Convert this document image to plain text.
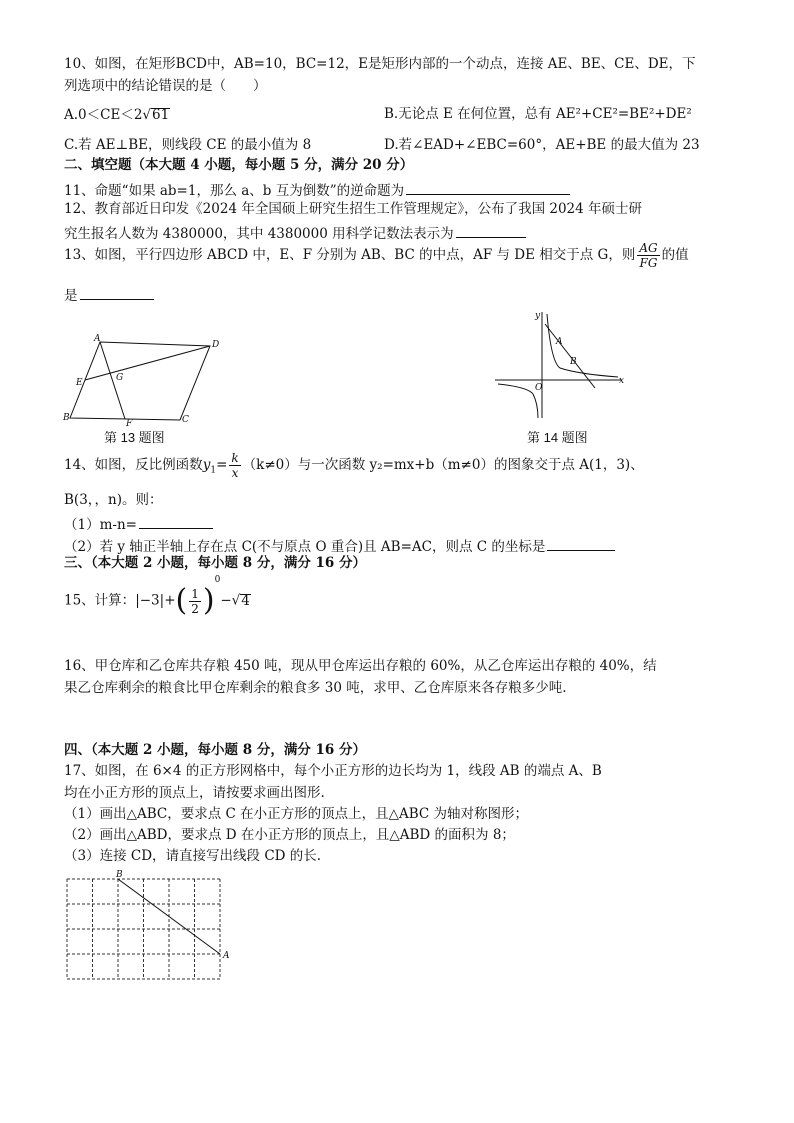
10、如图，在矩形BCD中，AB=10，BC=12，E是矩形内部的一个动点，连接 AE、BE、CE、DE，下
列选项中的结论错误的是（　　）
A.0＜CE＜2√61	B.无论点 E 在何位置，总有 AE²+CE²=BE²+DE²
C.若 AE⊥BE，则线段 CE 的最小值为 8	D.若∠EAD+∠EBC=60°，AE+BE 的最大值为 23
二、填空题（本大题 4 小题，每小题 5 分，满分 20 分）
11、命题“如果 ab=1，那么 a、b 互为倒数”的逆命题为
12、教育部近日印发《2024 年全国硕上研究生招生工作管理规定》，公布了我国 2024 年硕士研
究生报名人数为 4380000，其中 4380000 用科学记数法表示为
13、如图，平行四边形 ABCD 中，E、F 分别为 AB、BC 的中点，AF 与 DE 相交于点 G，则 $\frac{AG}{FG}$ 的值
是
A
B	C
D
E
F
G
第 13 题图
y
x
O
A
B
第 14 题图
14、如图，反比例函数$y_1= \frac{k}{x} (k\ne 0)$与一次函数 y₂=mx+b（m≠0）的图象交于点 A(1，3)、
B(3，，n)。则：
（1）m-n=
（2）若 y 轴正半轴上存在点 C(不与原点 O 重合)且 AB=AC，则点 C 的坐标是
三、（本大题 2 小题，每小题 8 分，满分 16 分）
15、计算：$|-3|+( \frac{1}{2} )^0-√4$
16、甲仓库和乙仓库共存粮 450 吨，现从甲仓库运出存粮的 60%，从乙仓库运出存粮的 40%，结
果乙仓库剩余的粮食比甲仓库剩余的粮食多 30 吨，求甲、乙仓库原来各存粮多少吨.
四、（本大题 2 小题，每小题 8 分，满分 16 分）
17、如图，在 6×4 的正方形网格中，每个小正方形的边长均为 1，线段 AB 的端点 A、B
均在小正方形的顶点上，请按要求画出图形.
（1）画出△ABC，要求点 C 在小正方形的顶点上，且△ABC 为轴对称图形；
（2）画出△ABD，要求点 D 在小正方形的顶点上，且△ABD 的面积为 8；
（3）连接 CD，请直接写出线段 CD 的长.
B
A
